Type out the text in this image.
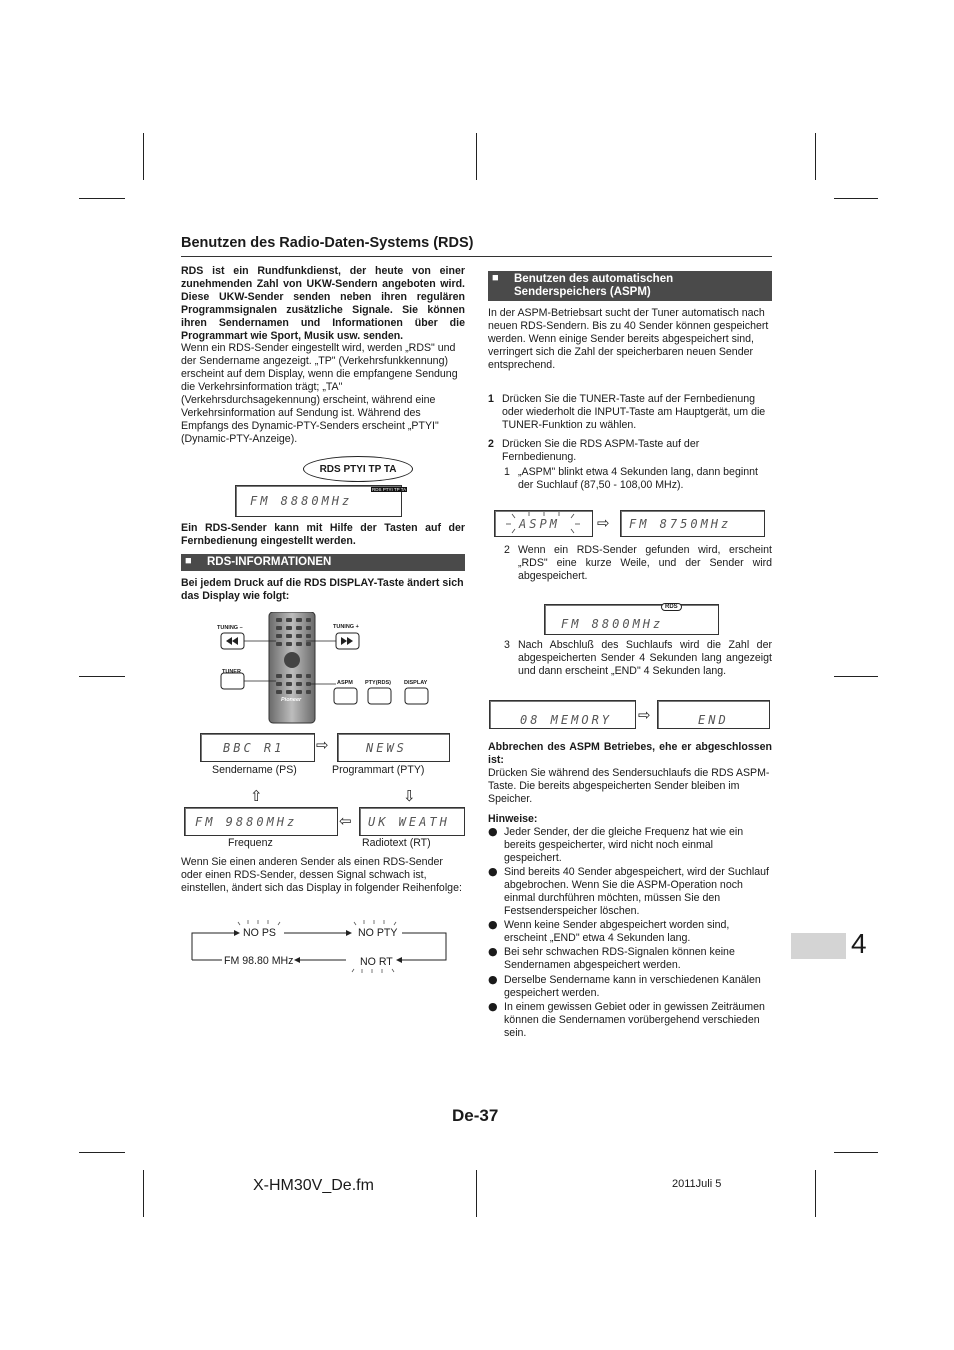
Benutzen des Radio-Daten-Systems (RDS)

RDS ist ein Rundfunkdienst, der heute von einer zunehmenden Zahl von UKW-Sendern angeboten wird. Diese UKW-Sender senden neben ihren regulären Programmsignalen zusätzliche Signale. Sie können ihren Sendernamen und Informationen über die Programmart wie Sport, Musik usw. senden.

Wenn ein RDS-Sender eingestellt wird, werden „RDS" und der Sendername angezeigt. „TP" (Verkehrsfunkkennung) erscheint auf dem Display, wenn die empfangene Sendung die Verkehrsinformation trägt; „TA" (Verkehrsdurchsagekennung) erscheint, während eine Verkehrsinformation auf Sendung ist. Während des Empfangs des Dynamic-PTY-Senders erscheint „PTYI" (Dynamic-PTY-Anzeige).

RDS PTYI TP TA
FM 8880MHz
RDS PTYI TP TA

Ein RDS-Sender kann mit Hilfe der Tasten auf der Fernbedienung eingestellt werden.

■ RDS-INFORMATIONEN

Bei jedem Druck auf die RDS DISPLAY-Taste ändert sich das Display wie folgt:

TUNING –	TUNING +
TUNER
ASPM PTY(RDS) DISPLAY
Pioneer
BBC R1 ⇨	NEWS
Sendername (PS)	Programmart (PTY)
⇧	⇩
FM 9880MHz	⇦	UK WEATH
Frequenz	Radiotext (RT)

Wenn Sie einen anderen Sender als einen RDS-Sender oder einen RDS-Sender, dessen Signal schwach ist, einstellen, ändert sich das Display in folgender Reihenfolge:

NO PS	NO PTY
NO RT
FM 98.80 MHz
■ Benutzen des automatischen
Senderspeichers (ASPM)

In der ASPM-Betriebsart sucht der Tuner automatisch nach neuen RDS-Sendern. Bis zu 40 Sender können gespeichert werden. Wenn einige Sender bereits abgespeichert sind, verringert sich die Zahl der speicherbaren neuen Sender entsprechend.

1 Drücken Sie die TUNER-Taste auf der Fernbedienung oder wiederholt die INPUT-Taste am Hauptgerät, um die TUNER-Funktion zu wählen.

2 Drücken Sie die RDS ASPM-Taste auf der Fernbedienung.

1 „ASPM" blinkt etwa 4 Sekunden lang, dann beginnt der Suchlauf (87,50 - 108,00 MHz).

ASPM ⇨	FM 8750MHz
2 Wenn ein RDS-Sender gefunden wird, erscheint „RDS" eine kurze Weile, und der Sender wird abgespeichert.

FM 8800MHz
RDS
3 Nach Abschluß des Suchlaufs wird die Zahl der abgespeicherten Sender 4 Sekunden lang angezeigt und dann erscheint „END" 4 Sekunden lang.

08 MEMORY ⇨	END

Abbrechen des ASPM Betriebes, ehe er abgeschlossen ist:

Drücken Sie während des Sendersuchlaufs die RDS ASPM-Taste. Die bereits abgespeicherten Sender bleiben im Speicher.

Hinweise:
● Jeder Sender, der die gleiche Frequenz hat wie ein bereits gespeicherter, wird nicht noch einmal gespeichert.

● Sind bereits 40 Sender abgespeichert, wird der Suchlauf abgebrochen. Wenn Sie die ASPM-Operation noch einmal durchführen möchten, müssen Sie den Festsenderspeicher löschen.

● Wenn keine Sender abgespeichert worden sind, erscheint „END" etwa 4 Sekunden lang.

● Bei sehr schwachen RDS-Signalen können keine Sendernamen abgespeichert werden.

● Derselbe Sendername kann in verschiedenen Kanälen gespeichert werden.

● In einem gewissen Gebiet oder in gewissen Zeiträumen können die Sendernamen vorübergehend verschieden sein.

4
De-37
X-HM30V_De.fm	2011Juli 5
